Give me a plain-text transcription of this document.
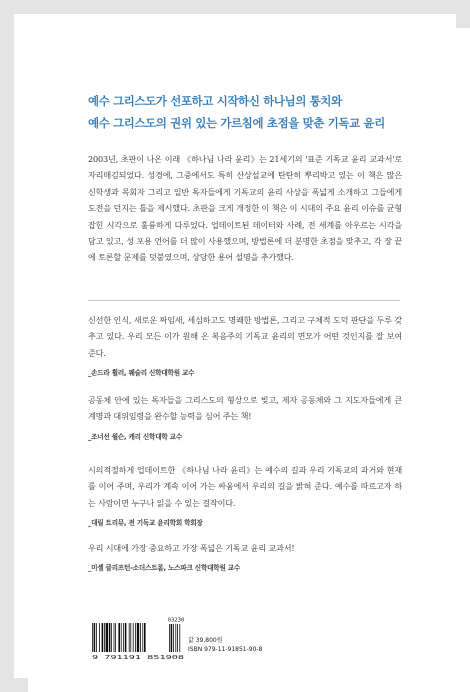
예수 그리스도가 선포하고 시작하신 하나님의 통치와
예수 그리스도의 권위 있는 가르침에 초점을 맞춘 기독교 윤리

2003년, 초판이 나온 이래 《하나님 나라 윤리》는 21세기의 '표준 기독교 윤리 교과서'로 자리매김되었다. 성경에, 그중에서도 특히 산상설교에 탄탄히 뿌리박고 있는 이 책은 많은 신학생과 목회자 그리고 일반 독자들에게 기독교의 윤리 사상을 폭넓게 소개하고 그들에게 도전을 던지는 틀을 제시했다. 초판을 크게 개정한 이 책은 이 시대의 주요 윤리 이슈를 균형 잡힌 시각으로 훌륭하게 다루었다. 업데이트된 데이터와 사례, 전 세계를 아우르는 시각을 담고 있고, 성 포용 언어를 더 많이 사용했으며, 방법론에 더 분명한 초점을 맞추고, 각 장 끝에 토론할 문제를 덧붙였으며, 상당한 용어 설명을 추가했다.

신선한 인식, 새로운 짜임새, 세심하고도 명쾌한 방법론, 그리고 구체적 도덕 판단을 두루 갖추고 있다. 우리 모든 이가 원해 온 복음주의 기독교 윤리의 면모가 어떤 것인지를 잘 보여 준다.

_손드라 휠러, 웨슬리 신학대학원 교수

공동체 안에 있는 독자들을 그리스도의 형상으로 빚고, 제자 공동체와 그 지도자들에게 큰 계명과 대위임령을 완수할 능력을 심어 주는 책!

_조너선 윌슨, 캐리 신학대학 교수

시의적절하게 업데이트한 《하나님 나라 윤리》는 예수의 길과 우리 기독교의 과거와 현재를 이어 주며, 우리가 계속 이어 가는 싸움에서 우리의 길을 밝혀 준다. 예수를 따르고자 하는 사람이면 누구나 읽을 수 있는 걸작이다.

_대릴 트리뮤, 전 기독교 윤리학회 학회장

우리 시대에 가장 중요하고 가장 폭넓은 기독교 윤리 교과서!

_미셸 클리프턴-소더스트롬, 노스파크 신학대학원 교수
03230
9 791191 851908
값 39,800원
ISBN 979-11-91851-90-8
